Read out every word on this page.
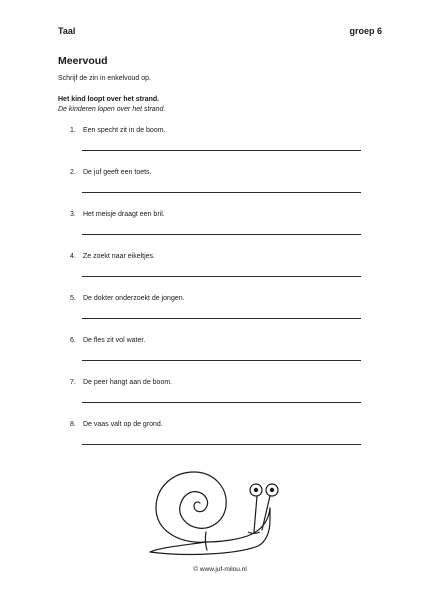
Taal	groep 6
Meervoud
Schrijf de zin in enkelvoud op.
Het kind loopt over het strand.
De kinderen lopen over het strand.
1. Een specht zit in de boom.
2. De juf geeft een toets.
3. Het meisje draagt een bril.
4. Ze zoekt naar eikeltjes.
5. De dokter onderzoekt de jongen.
6. De fles zit vol water.
7. De peer hangt aan de boom.
8. De vaas valt op de grond.
© www.juf-milou.nl
